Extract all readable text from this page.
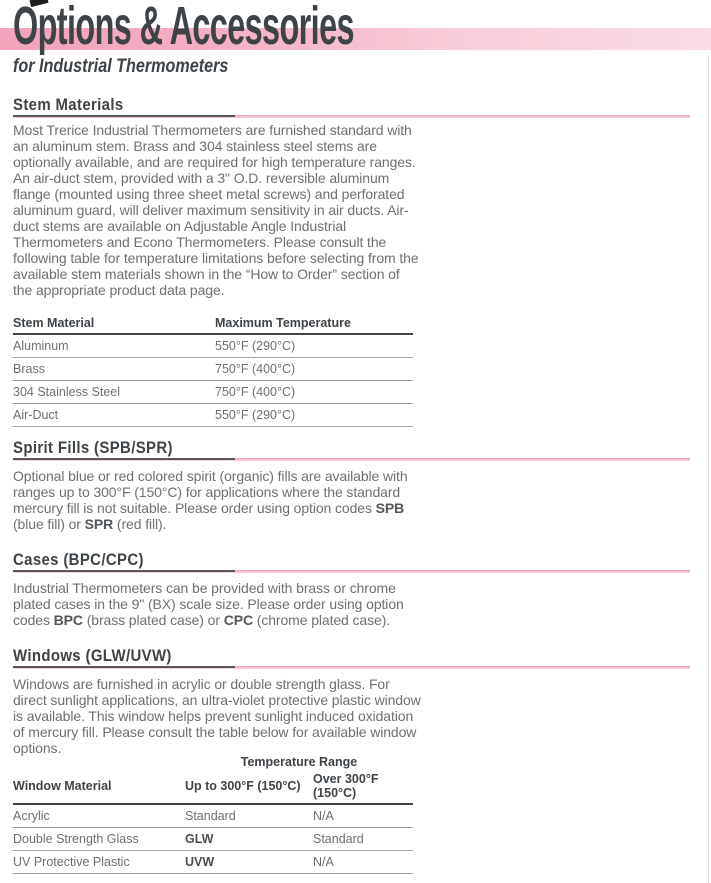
Options & Accessories
for Industrial Thermometers
Stem Materials

Most Trerice Industrial Thermometers are furnished standard with an aluminum stem. Brass and 304 stainless steel stems are optionally available, and are required for high temperature ranges. An air-duct stem, provided with a 3" O.D. reversible aluminum flange (mounted using three sheet metal screws) and perforated aluminum guard, will deliver maximum sensitivity in air ducts. Air-duct stems are available on Adjustable Angle Industrial Thermometers and Econo Thermometers. Please consult the following table for temperature limitations before selecting from the available stem materials shown in the “How to Order” section of the appropriate product data page.

Stem Material	Maximum Temperature
Aluminum	550°F (290°C)
Brass	750°F (400°C)
304 Stainless Steel	750°F (400°C)
Air-Duct	550°F (290°C)
Spirit Fills (SPB/SPR)

Optional blue or red colored spirit (organic) fills are available with ranges up to 300°F (150°C) for applications where the standard mercury fill is not suitable. Please order using option codes SPB (blue fill) or SPR (red fill).

Cases (BPC/CPC)

Industrial Thermometers can be provided with brass or chrome plated cases in the 9" (BX) scale size. Please order using option codes BPC (brass plated case) or CPC (chrome plated case).

Windows (GLW/UVW)

Windows are furnished in acrylic or double strength glass. For direct sunlight applications, an ultra-violet protective plastic window is available. This window helps prevent sunlight induced oxidation of mercury fill. Please consult the table below for available window options.

	Temperature Range	
Window Material	Up to 300°F (150°C)	Over 300°F (150°C)
Acrylic	Standard	N/A
Double Strength Glass	GLW	Standard
UV Protective Plastic	UVW	N/A
